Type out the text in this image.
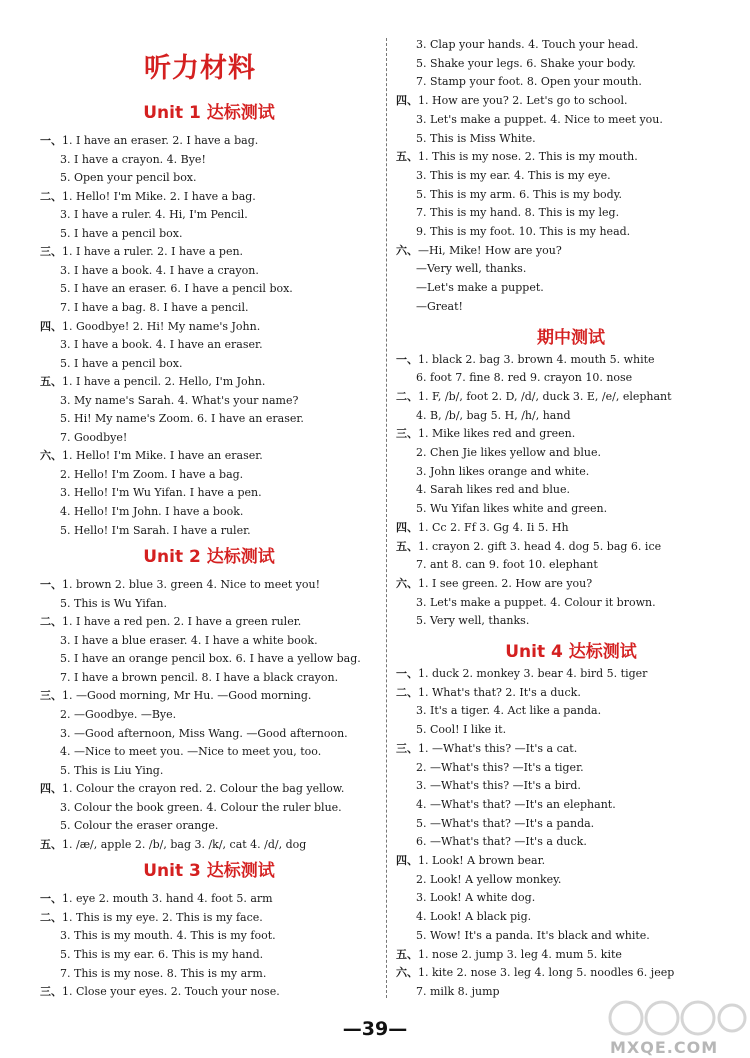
听力材料
Unit 1 达标测试
一、1. I have an eraser. 2. I have a bag.
3. I have a crayon. 4. Bye!
5. Open your pencil box.
二、1. Hello! I'm Mike. 2. I have a bag.
3. I have a ruler. 4. Hi, I'm Pencil.
5. I have a pencil box.
三、1. I have a ruler. 2. I have a pen.
3. I have a book. 4. I have a crayon.
5. I have an eraser. 6. I have a pencil box.
7. I have a bag. 8. I have a pencil.
四、1. Goodbye! 2. Hi! My name's John.
3. I have a book. 4. I have an eraser.
5. I have a pencil box.
五、1. I have a pencil. 2. Hello, I'm John.
3. My name's Sarah. 4. What's your name?
5. Hi! My name's Zoom. 6. I have an eraser.
7. Goodbye!
六、1. Hello! I'm Mike. I have an eraser.
2. Hello! I'm Zoom. I have a bag.
3. Hello! I'm Wu Yifan. I have a pen.
4. Hello! I'm John. I have a book.
5. Hello! I'm Sarah. I have a ruler.
Unit 2 达标测试
一、1. brown 2. blue 3. green 4. Nice to meet you!
5. This is Wu Yifan.
二、1. I have a red pen. 2. I have a green ruler.
3. I have a blue eraser. 4. I have a white book.
5. I have an orange pencil box. 6. I have a yellow bag.
7. I have a brown pencil. 8. I have a black crayon.
三、1. —Good morning, Mr Hu. —Good morning.
2. —Goodbye. —Bye.
3. —Good afternoon, Miss Wang. —Good afternoon.
4. —Nice to meet you. —Nice to meet you, too.
5. This is Liu Ying.
四、1. Colour the crayon red. 2. Colour the bag yellow.
3. Colour the book green. 4. Colour the ruler blue.
5. Colour the eraser orange.
五、1. /æ/, apple 2. /b/, bag 3. /k/, cat 4. /d/, dog
Unit 3 达标测试
一、1. eye 2. mouth 3. hand 4. foot 5. arm
二、1. This is my eye. 2. This is my face.
3. This is my mouth. 4. This is my foot.
5. This is my ear. 6. This is my hand.
7. This is my nose. 8. This is my arm.
三、1. Close your eyes. 2. Touch your nose.
3. Clap your hands. 4. Touch your head.
5. Shake your legs. 6. Shake your body.
7. Stamp your foot. 8. Open your mouth.
四、1. How are you? 2. Let's go to school.
3. Let's make a puppet. 4. Nice to meet you.
5. This is Miss White.
五、1. This is my nose. 2. This is my mouth.
3. This is my ear. 4. This is my eye.
5. This is my arm. 6. This is my body.
7. This is my hand. 8. This is my leg.
9. This is my foot. 10. This is my head.
六、—Hi, Mike! How are you?
—Very well, thanks.
—Let's make a puppet.
—Great!
期中测试
一、1. black 2. bag 3. brown 4. mouth 5. white
6. foot 7. fine 8. red 9. crayon 10. nose
二、1. F, /b/, foot 2. D, /d/, duck 3. E, /e/, elephant
4. B, /b/, bag 5. H, /h/, hand
三、1. Mike likes red and green.
2. Chen Jie likes yellow and blue.
3. John likes orange and white.
4. Sarah likes red and blue.
5. Wu Yifan likes white and green.
四、1. Cc 2. Ff 3. Gg 4. Ii 5. Hh
五、1. crayon 2. gift 3. head 4. dog 5. bag 6. ice
7. ant 8. can 9. foot 10. elephant
六、1. I see green. 2. How are you?
3. Let's make a puppet. 4. Colour it brown.
5. Very well, thanks.
Unit 4 达标测试
一、1. duck 2. monkey 3. bear 4. bird 5. tiger
二、1. What's that? 2. It's a duck.
3. It's a tiger. 4. Act like a panda.
5. Cool! I like it.
三、1. —What's this? —It's a cat.
2. —What's this? —It's a tiger.
3. —What's this? —It's a bird.
4. —What's that? —It's an elephant.
5. —What's that? —It's a panda.
6. —What's that? —It's a duck.
四、1. Look! A brown bear.
2. Look! A yellow monkey.
3. Look! A white dog.
4. Look! A black pig.
5. Wow! It's a panda. It's black and white.
五、1. nose 2. jump 3. leg 4. mum 5. kite
六、1. kite 2. nose 3. leg 4. long 5. noodles 6. jeep
7. milk 8. jump
—39—
MXQE.COM
